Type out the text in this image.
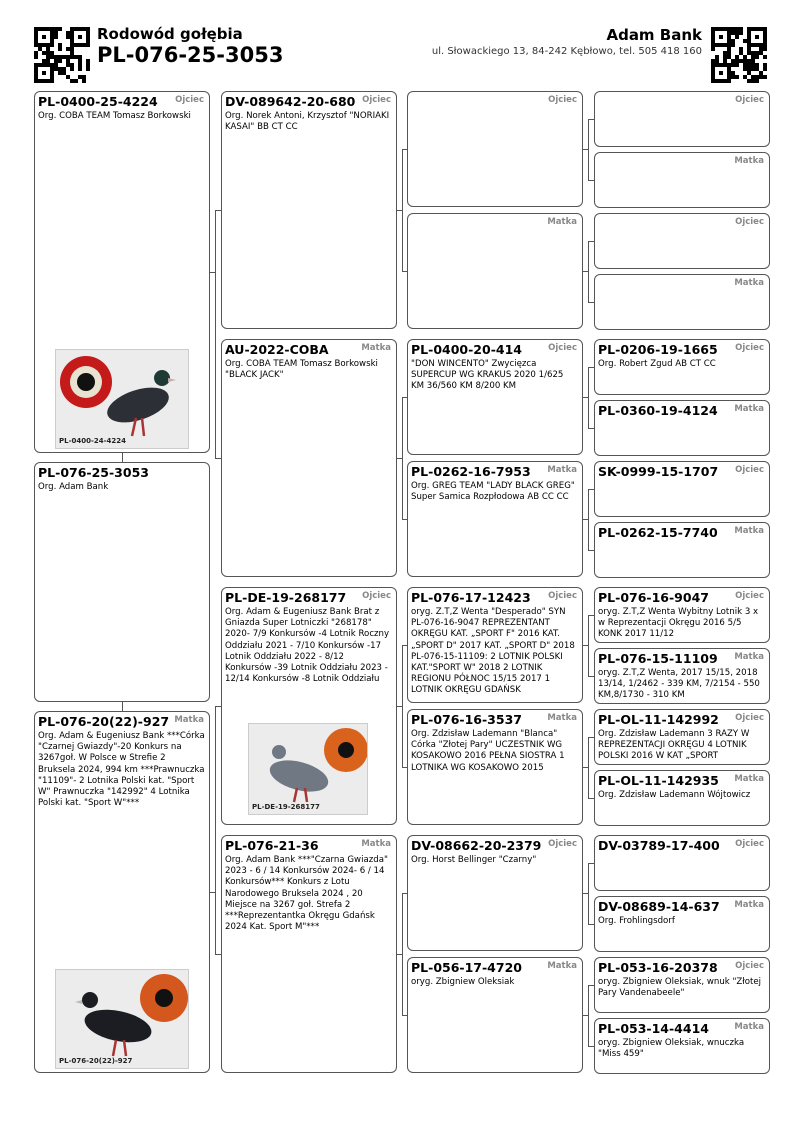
Rodowód gołębia
PL-076-25-3053
Adam Bank
ul. Słowackiego 13, 84-242 Kębłowo, tel. 505 418 160
Ojciec
PL-0400-25-4224
Org. COBA TEAM Tomasz Borkowski
PL-0400-24-4224
PL-076-25-3053
Org. Adam Bank
Matka
PL-076-20(22)-927
Org. Adam & Eugeniusz Bank ***Córka "Czarnej Gwiazdy"-20 Konkurs na 3267goł. W Polsce w Strefie 2 Bruksela 2024, 994 km ***Prawnuczka "11109"- 2 Lotnika Polski kat. "Sport W" Prawnuczka "142992" 4 Lotnika Polski kat. "Sport W"***
PL-076-20(22)-927
Ojciec
DV-089642-20-680
Org. Norek Antoni, Krzysztof "NORIAKI KASAI" BB CT CC
Matka
AU-2022-COBA
Org. COBA TEAM Tomasz Borkowski "BLACK JACK"
Ojciec
PL-DE-19-268177
Org. Adam & Eugeniusz Bank Brat z Gniazda Super Lotniczki "268178" 2020- 7/9 Konkursów -4 Lotnik Roczny Oddziału 2021 - 7/10 Konkursów -17 Lotnik Oddziału 2022 - 8/12 Konkursów -39 Lotnik Oddziału 2023 - 12/14 Konkursów -8 Lotnik Oddziału
PL-DE-19-268177
Matka
PL-076-21-36
Org. Adam Bank ***"Czarna Gwiazda" 2023 - 6 / 14 Konkursów 2024- 6 / 14 Konkursów*** Konkurs z Lotu Narodowego Bruksela 2024 , 20 Miejsce na 3267 goł. Strefa 2 ***Reprezentantka Okręgu Gdańsk 2024 Kat. Sport M"***
Ojciec
Matka
Ojciec
PL-0400-20-414
"DON WINCENTO" Zwycięzca SUPERCUP WG KRAKUS 2020 1/625 KM 36/560 KM 8/200 KM
Matka
PL-0262-16-7953
Org. GREG TEAM "LADY BLACK GREG" Super Samica Rozpłodowa AB CC CC
Ojciec
PL-076-17-12423
oryg. Z.T,Z Wenta "Desperado" SYN PL-076-16-9047 REPREZENTANT OKRĘGU KAT. „SPORT F" 2016 KAT. „SPORT D" 2017 KAT. „SPORT D" 2018 PL-076-15-11109: 2 LOTNIK POLSKI KAT."SPORT W" 2018 2 LOTNIK REGIONU PÓŁNOC 15/15 2017 1 LOTNIK OKRĘGU GDAŃSK
Matka
PL-076-16-3537
Org. Zdzisław Lademann "Blanca" Córka "Złotej Pary" UCZESTNIK WG KOSAKOWO 2016 PEŁNA SIOSTRA 1 LOTNIKA WG KOSAKOWO 2015
Ojciec
DV-08662-20-2379
Org. Horst Bellinger "Czarny"
Matka
PL-056-17-4720
oryg. Zbigniew Oleksiak
Ojciec
Matka
Ojciec
Matka
Ojciec
PL-0206-19-1665
Org. Robert Zgud AB CT CC
Matka
PL-0360-19-4124
Ojciec
SK-0999-15-1707
Matka
PL-0262-15-7740
Ojciec
PL-076-16-9047
oryg. Z.T,Z Wenta Wybitny Lotnik 3 x w Reprezentacji Okręgu 2016 5/5 KONK 2017 11/12
Matka
PL-076-15-11109
oryg. Z.T,Z Wenta, 2017 15/15, 2018 13/14, 1/2462 - 339 KM, 7/2154 - 550 KM,8/1730 - 310 KM
Ojciec
PL-OL-11-142992
Org. Zdzisław Lademann 3 RAZY W REPREZENTACJI OKRĘGU 4 LOTNIK POLSKI 2016 W KAT „SPORT
Matka
PL-OL-11-142935
Org. Zdzisław Lademann Wójtowicz
Ojciec
DV-03789-17-400
Matka
DV-08689-14-637
Org. Frohlingsdorf
Ojciec
PL-053-16-20378
oryg. Zbigniew Oleksiak, wnuk "Złotej Pary Vandenabeele"
Matka
PL-053-14-4414
oryg. Zbigniew Oleksiak, wnuczka "Miss 459"
